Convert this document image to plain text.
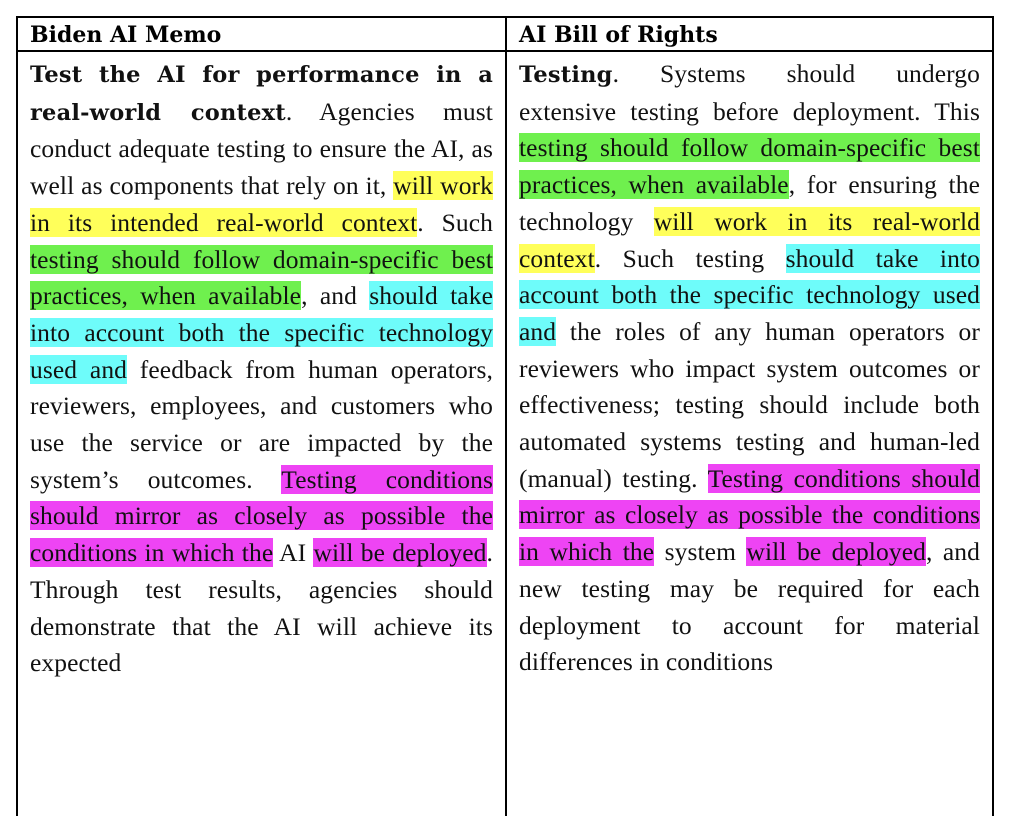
Biden AI Memo
Test the AI for performance in a real-world context. Agencies must conduct adequate testing to ensure the AI, as well as components that rely on it, will work in its intended real-world context. Such testing should follow domain-specific best practices, when available, and should take into account both the specific technology used and feedback from human operators, reviewers, employees, and customers who use the service or are impacted by the system’s outcomes. Testing conditions should mirror as closely as possible the conditions in which the AI will be deployed. Through test results, agencies should demonstrate that the AI will achieve its expected
AI Bill of Rights
Testing. Systems should undergo extensive testing before deployment. This testing should follow domain-specific best practices, when available, for ensuring the technology will work in its real-world context. Such testing should take into account both the specific technology used and the roles of any human operators or reviewers who impact system outcomes or effectiveness; testing should include both automated systems testing and human-led (manual) testing. Testing conditions should mirror as closely as possible the conditions in which the system will be deployed, and new testing may be required for each deployment to account for material differences in conditions
